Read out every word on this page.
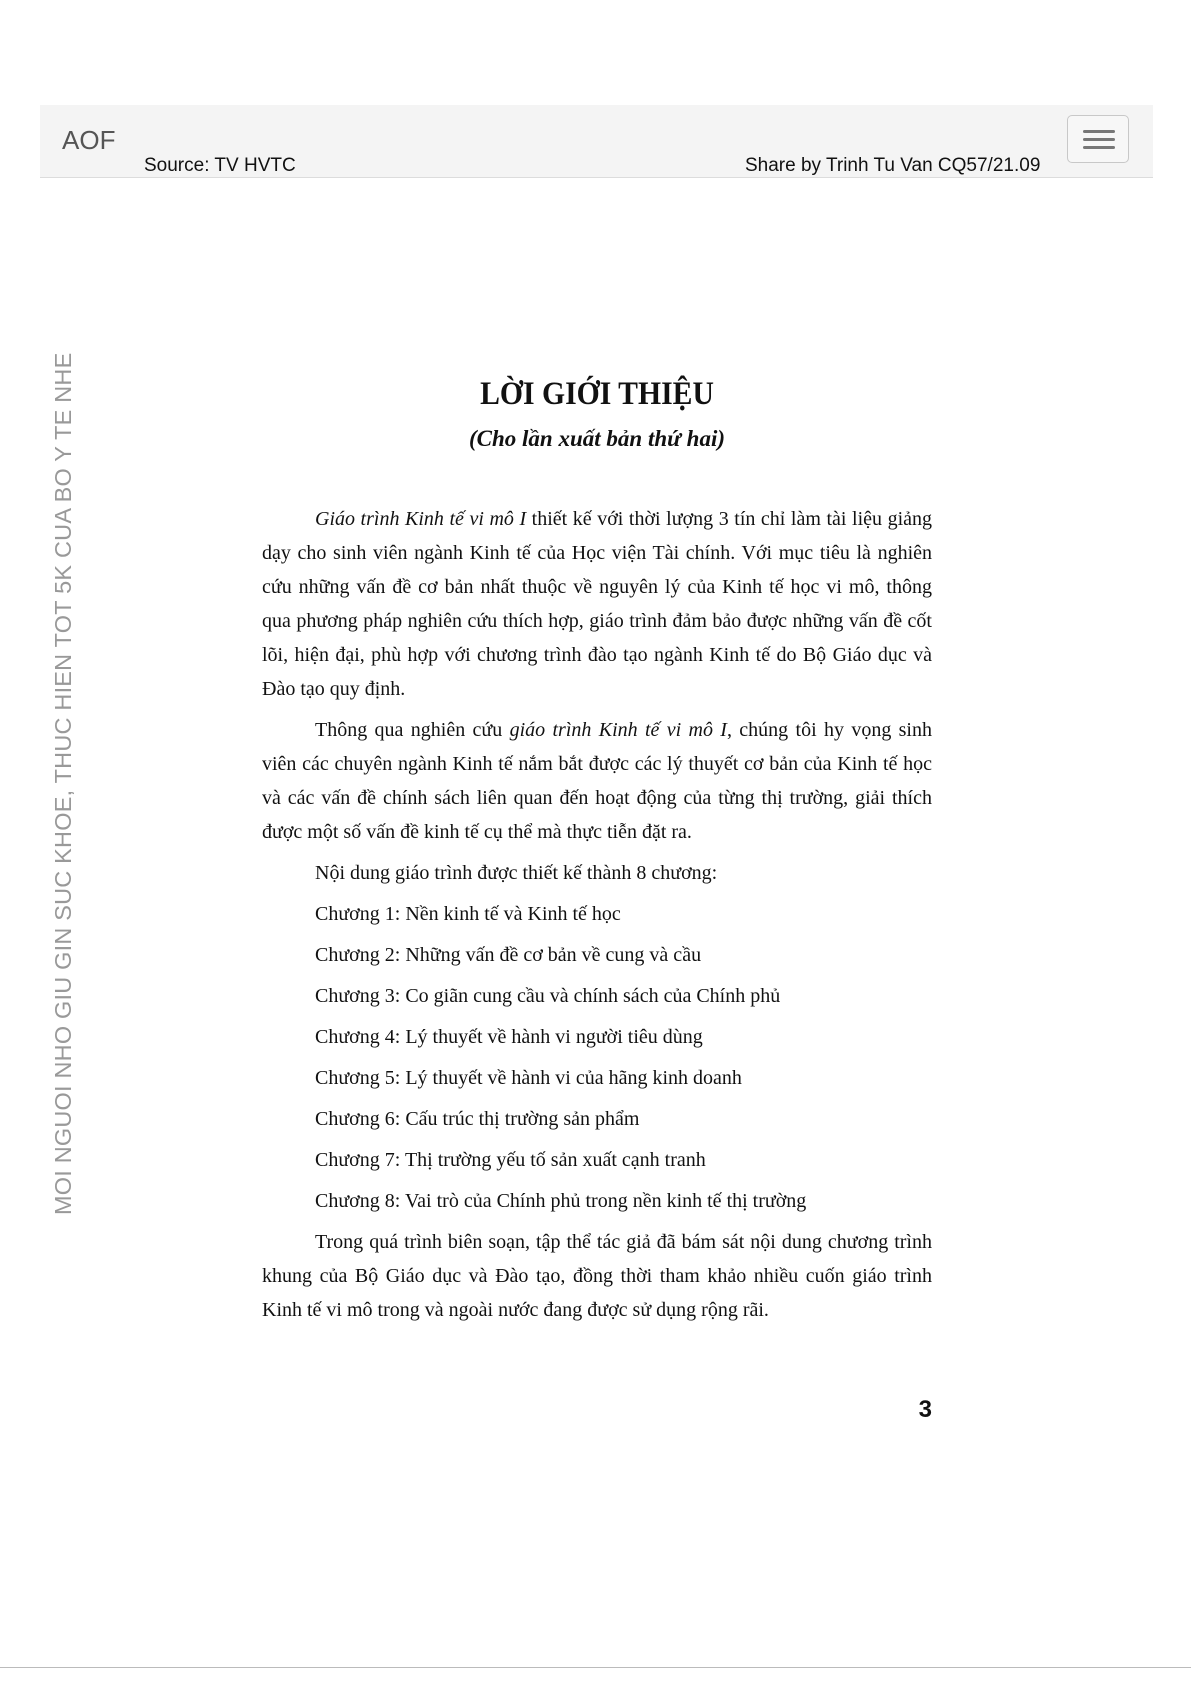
AOF
Source: TV HVTC	Share by Trinh Tu Van CQ57/21.09
MOI NGUOI NHO GIU GIN SUC KHOE, THUC HIEN TOT 5K CUA BO Y TE NHE	LỜI GIỚI THIỆU
(Cho lần xuất bản thứ hai)

Giáo trình Kinh tế vi mô I thiết kế với thời lượng 3 tín chỉ làm tài liệu giảng dạy cho sinh viên ngành Kinh tế của Học viện Tài chính. Với mục tiêu là nghiên cứu những vấn đề cơ bản nhất thuộc về nguyên lý của Kinh tế học vi mô, thông qua phương pháp nghiên cứu thích hợp, giáo trình đảm bảo được những vấn đề cốt lõi, hiện đại, phù hợp với chương trình đào tạo ngành Kinh tế do Bộ Giáo dục và Đào tạo quy định.

Thông qua nghiên cứu giáo trình Kinh tế vi mô I, chúng tôi hy vọng sinh viên các chuyên ngành Kinh tế nắm bắt được các lý thuyết cơ bản của Kinh tế học và các vấn đề chính sách liên quan đến hoạt động của từng thị trường, giải thích được một số vấn đề kinh tế cụ thể mà thực tiễn đặt ra.

Nội dung giáo trình được thiết kế thành 8 chương:
Chương 1: Nền kinh tế và Kinh tế học
Chương 2: Những vấn đề cơ bản về cung và cầu
Chương 3: Co giãn cung cầu và chính sách của Chính phủ
Chương 4: Lý thuyết về hành vi người tiêu dùng
Chương 5: Lý thuyết về hành vi của hãng kinh doanh
Chương 6: Cấu trúc thị trường sản phẩm
Chương 7: Thị trường yếu tố sản xuất cạnh tranh
Chương 8: Vai trò của Chính phủ trong nền kinh tế thị trường

Trong quá trình biên soạn, tập thể tác giả đã bám sát nội dung chương trình khung của Bộ Giáo dục và Đào tạo, đồng thời tham khảo nhiều cuốn giáo trình Kinh tế vi mô trong và ngoài nước đang được sử dụng rộng rãi.

3
